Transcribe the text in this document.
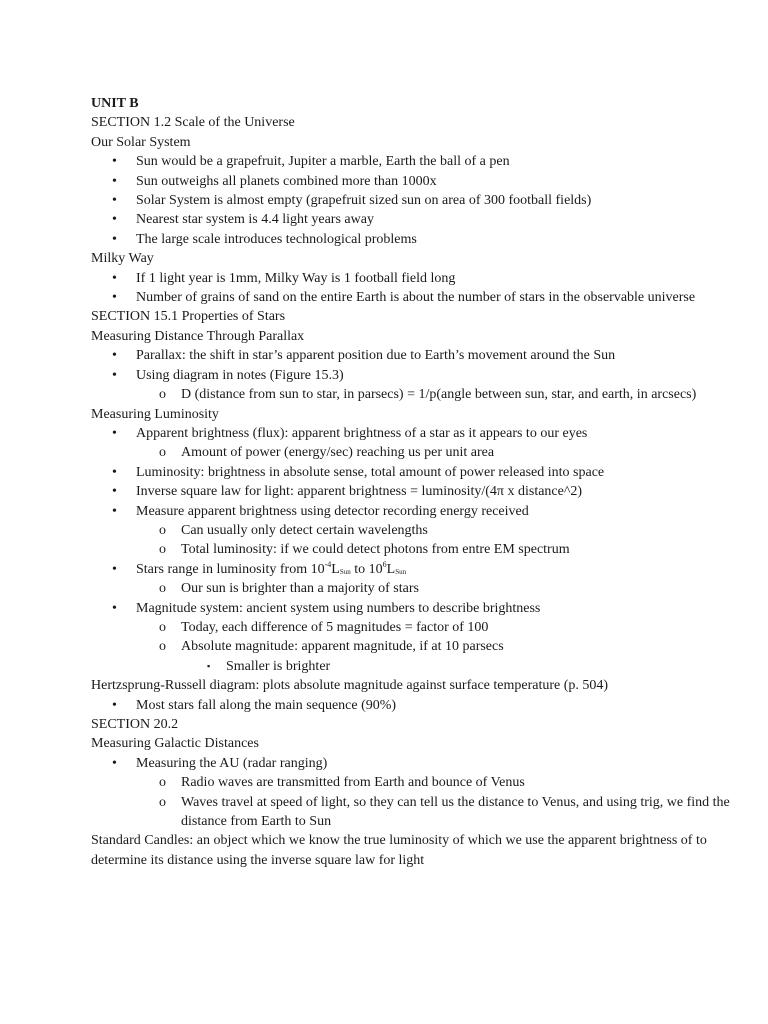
UNIT B

SECTION 1.2 Scale of the Universe

Our Solar System

• Sun would be a grapefruit, Jupiter a marble, Earth the ball of a pen
• Sun outweighs all planets combined more than 1000x
• Solar System is almost empty (grapefruit sized sun on area of 300 football fields)
• Nearest star system is 4.4 light years away
• The large scale introduces technological problems

Milky Way

• If 1 light year is 1mm, Milky Way is 1 football field long
• Number of grains of sand on the entire Earth is about the number of stars in the observable universe

SECTION 15.1 Properties of Stars

Measuring Distance Through Parallax

• Parallax: the shift in star’s apparent position due to Earth’s movement around the Sun
• Using diagram in notes (Figure 15.3)
o D (distance from sun to star, in parsecs) = 1/p(angle between sun, star, and earth, in arcsecs)

Measuring Luminosity

• Apparent brightness (flux): apparent brightness of a star as it appears to our eyes
o Amount of power (energy/sec) reaching us per unit area
• Luminosity: brightness in absolute sense, total amount of power released into space
• Inverse square law for light: apparent brightness = luminosity/(4π x distance^2)
• Measure apparent brightness using detector recording energy received
o Can usually only detect certain wavelengths
o Total luminosity: if we could detect photons from entre EM spectrum
• Stars range in luminosity from $10^{-4}L_{Sun}$ to $10^6L_{Sun}$
o Our sun is brighter than a majority of stars
• Magnitude system: ancient system using numbers to describe brightness
o Today, each difference of 5 magnitudes = factor of 100
o Absolute magnitude: apparent magnitude, if at 10 parsecs
▪ Smaller is brighter

Hertzsprung-Russell diagram: plots absolute magnitude against surface temperature (p. 504)

• Most stars fall along the main sequence (90%)

SECTION 20.2

Measuring Galactic Distances

• Measuring the AU (radar ranging)
o Radio waves are transmitted from Earth and bounce of Venus
o Waves travel at speed of light, so they can tell us the distance to Venus, and using trig, we find the distance from Earth to Sun

Standard Candles: an object which we know the true luminosity of which we use the apparent brightness of to determine its distance using the inverse square law for light
